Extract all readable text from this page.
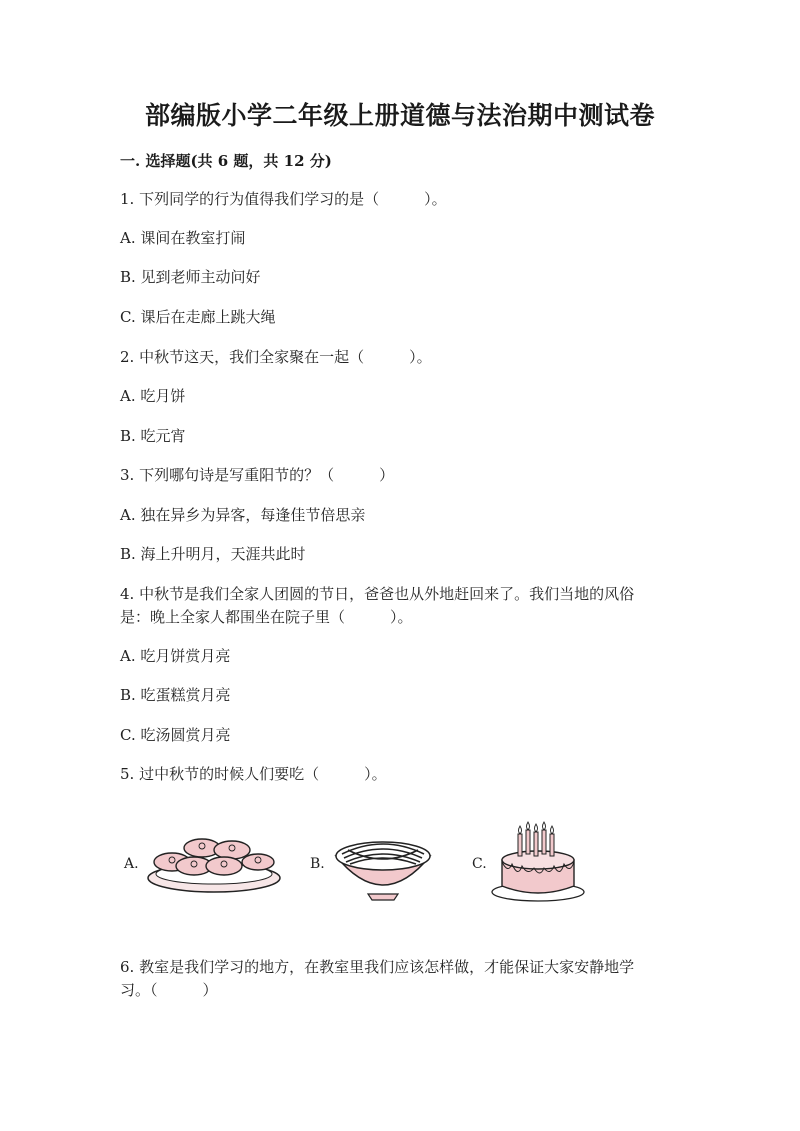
部编版小学二年级上册道德与法治期中测试卷
一. 选择题(共 6 题，共 12 分)
1. 下列同学的行为值得我们学习的是（　　　）。
A. 课间在教室打闹
B. 见到老师主动问好
C. 课后在走廊上跳大绳
2. 中秋节这天，我们全家聚在一起（　　　）。
A. 吃月饼
B. 吃元宵
3. 下列哪句诗是写重阳节的？（　　　）
A. 独在异乡为异客，每逢佳节倍思亲
B. 海上升明月，天涯共此时
4. 中秋节是我们全家人团圆的节日，爸爸也从外地赶回来了。我们当地的风俗
是：晚上全家人都围坐在院子里（　　　）。
A. 吃月饼赏月亮
B. 吃蛋糕赏月亮
C. 吃汤圆赏月亮
5. 过中秋节的时候人们要吃（　　　）。
A.	B.	C.
6. 教室是我们学习的地方，在教室里我们应该怎样做，才能保证大家安静地学
习。（　　　）
